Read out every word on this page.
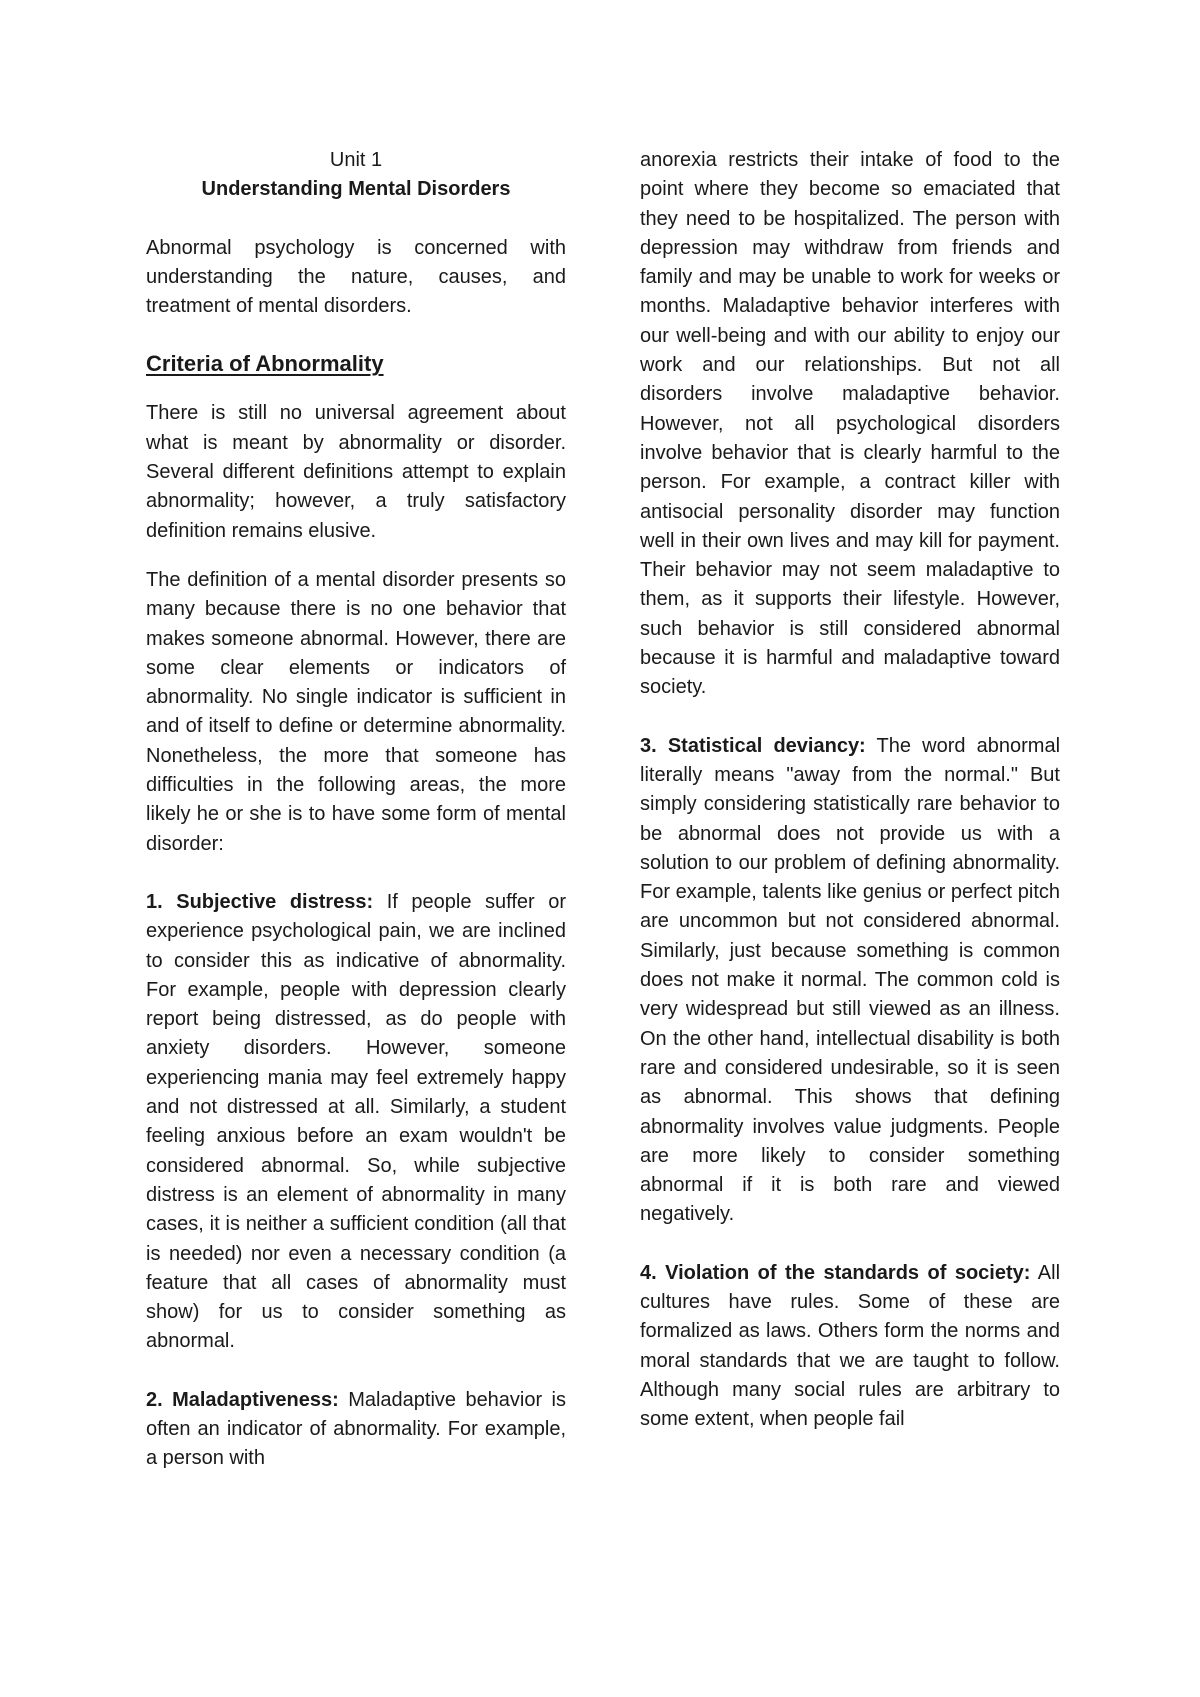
Unit 1
Understanding Mental Disorders

Abnormal psychology is concerned with understanding the nature, causes, and treatment of mental disorders.

Criteria of Abnormality

There is still no universal agreement about what is meant by abnormality or disorder. Several different definitions attempt to explain abnormality; however, a truly satisfactory definition remains elusive.

The definition of a mental disorder presents so many because there is no one behavior that makes someone abnormal. However, there are some clear elements or indicators of abnormality. No single indicator is sufficient in and of itself to define or determine abnormality. Nonetheless, the more that someone has difficulties in the following areas, the more likely he or she is to have some form of mental disorder:

1. Subjective distress: If people suffer or experience psychological pain, we are inclined to consider this as indicative of abnormality. For example, people with depression clearly report being distressed, as do people with anxiety disorders. However, someone experiencing mania may feel extremely happy and not distressed at all. Similarly, a student feeling anxious before an exam wouldn't be considered abnormal. So, while subjective distress is an element of abnormality in many cases, it is neither a sufficient condition (all that is needed) nor even a necessary condition (a feature that all cases of abnormality must show) for us to consider something as abnormal.

2. Maladaptiveness: Maladaptive behavior is often an indicator of abnormality. For example, a person with

anorexia restricts their intake of food to the point where they become so emaciated that they need to be hospitalized. The person with depression may withdraw from friends and family and may be unable to work for weeks or months. Maladaptive behavior interferes with our well-being and with our ability to enjoy our work and our relationships. But not all disorders involve maladaptive behavior. However, not all psychological disorders involve behavior that is clearly harmful to the person. For example, a contract killer with antisocial personality disorder may function well in their own lives and may kill for payment. Their behavior may not seem maladaptive to them, as it supports their lifestyle. However, such behavior is still considered abnormal because it is harmful and maladaptive toward society.

3. Statistical deviancy: The word abnormal literally means "away from the normal." But simply considering statistically rare behavior to be abnormal does not provide us with a solution to our problem of defining abnormality. For example, talents like genius or perfect pitch are uncommon but not considered abnormal. Similarly, just because something is common does not make it normal. The common cold is very widespread but still viewed as an illness. On the other hand, intellectual disability is both rare and considered undesirable, so it is seen as abnormal. This shows that defining abnormality involves value judgments. People are more likely to consider something abnormal if it is both rare and viewed negatively.

4. Violation of the standards of society: All cultures have rules. Some of these are formalized as laws. Others form the norms and moral standards that we are taught to follow. Although many social rules are arbitrary to some extent, when people fail
